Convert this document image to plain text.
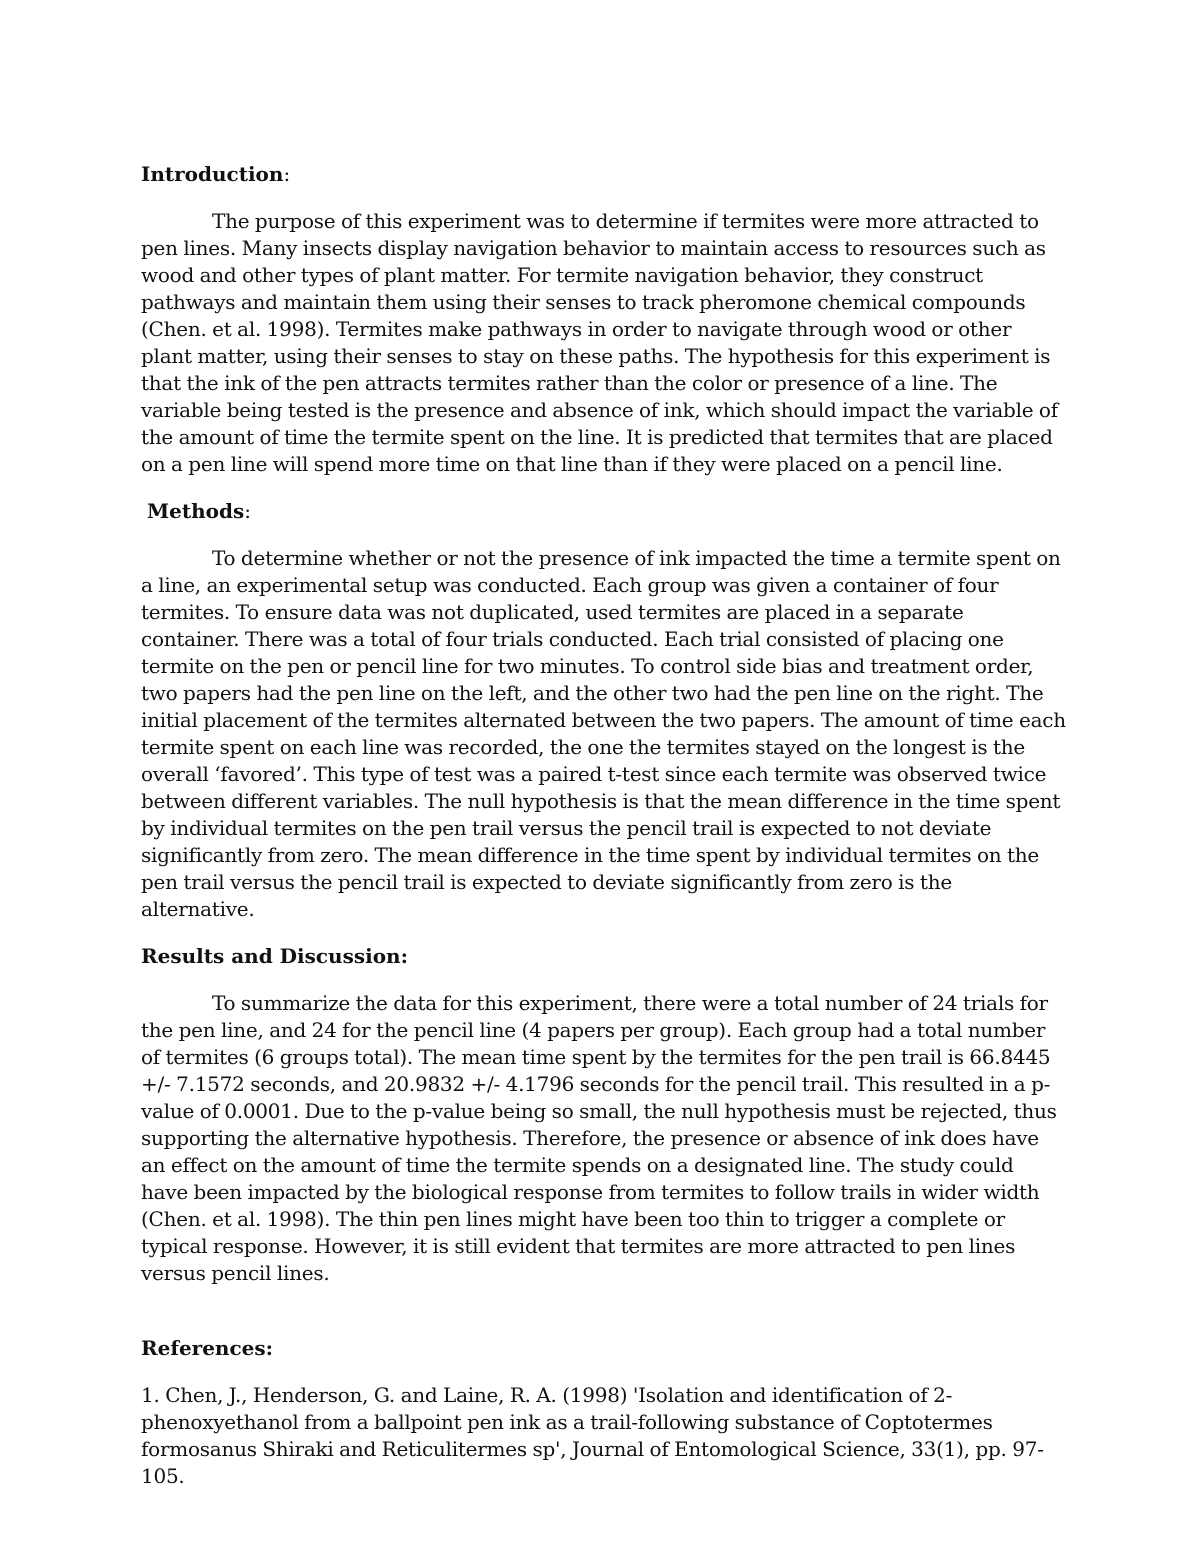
Introduction:

The purpose of this experiment was to determine if termites were more attracted to pen lines. Many insects display navigation behavior to maintain access to resources such as wood and other types of plant matter. For termite navigation behavior, they construct pathways and maintain them using their senses to track pheromone chemical compounds (Chen. et al. 1998). Termites make pathways in order to navigate through wood or other plant matter, using their senses to stay on these paths. The hypothesis for this experiment is that the ink of the pen attracts termites rather than the color or presence of a line. The variable being tested is the presence and absence of ink, which should impact the variable of the amount of time the termite spent on the line. It is predicted that termites that are placed on a pen line will spend more time on that line than if they were placed on a pencil line.

Methods:

To determine whether or not the presence of ink impacted the time a termite spent on a line, an experimental setup was conducted. Each group was given a container of four termites. To ensure data was not duplicated, used termites are placed in a separate container. There was a total of four trials conducted. Each trial consisted of placing one termite on the pen or pencil line for two minutes. To control side bias and treatment order, two papers had the pen line on the left, and the other two had the pen line on the right. The initial placement of the termites alternated between the two papers. The amount of time each termite spent on each line was recorded, the one the termites stayed on the longest is the overall ‘favored’. This type of test was a paired t-test since each termite was observed twice between different variables. The null hypothesis is that the mean difference in the time spent by individual termites on the pen trail versus the pencil trail is expected to not deviate significantly from zero. The mean difference in the time spent by individual termites on the pen trail versus the pencil trail is expected to deviate significantly from zero is the alternative.

Results and Discussion:

To summarize the data for this experiment, there were a total number of 24 trials for the pen line, and 24 for the pencil line (4 papers per group). Each group had a total number of termites (6 groups total). The mean time spent by the termites for the pen trail is 66.8445 +/- 7.1572 seconds, and 20.9832 +/- 4.1796 seconds for the pencil trail. This resulted in a p-value of 0.0001. Due to the p-value being so small, the null hypothesis must be rejected, thus supporting the alternative hypothesis. Therefore, the presence or absence of ink does have an effect on the amount of time the termite spends on a designated line. The study could have been impacted by the biological response from termites to follow trails in wider width (Chen. et al. 1998). The thin pen lines might have been too thin to trigger a complete or typical response. However, it is still evident that termites are more attracted to pen lines versus pencil lines.

References:

1. Chen, J., Henderson, G. and Laine, R. A. (1998) 'Isolation and identification of 2-phenoxyethanol from a ballpoint pen ink as a trail-following substance of Coptotermes formosanus Shiraki and Reticulitermes sp', Journal of Entomological Science, 33(1), pp. 97-105.
